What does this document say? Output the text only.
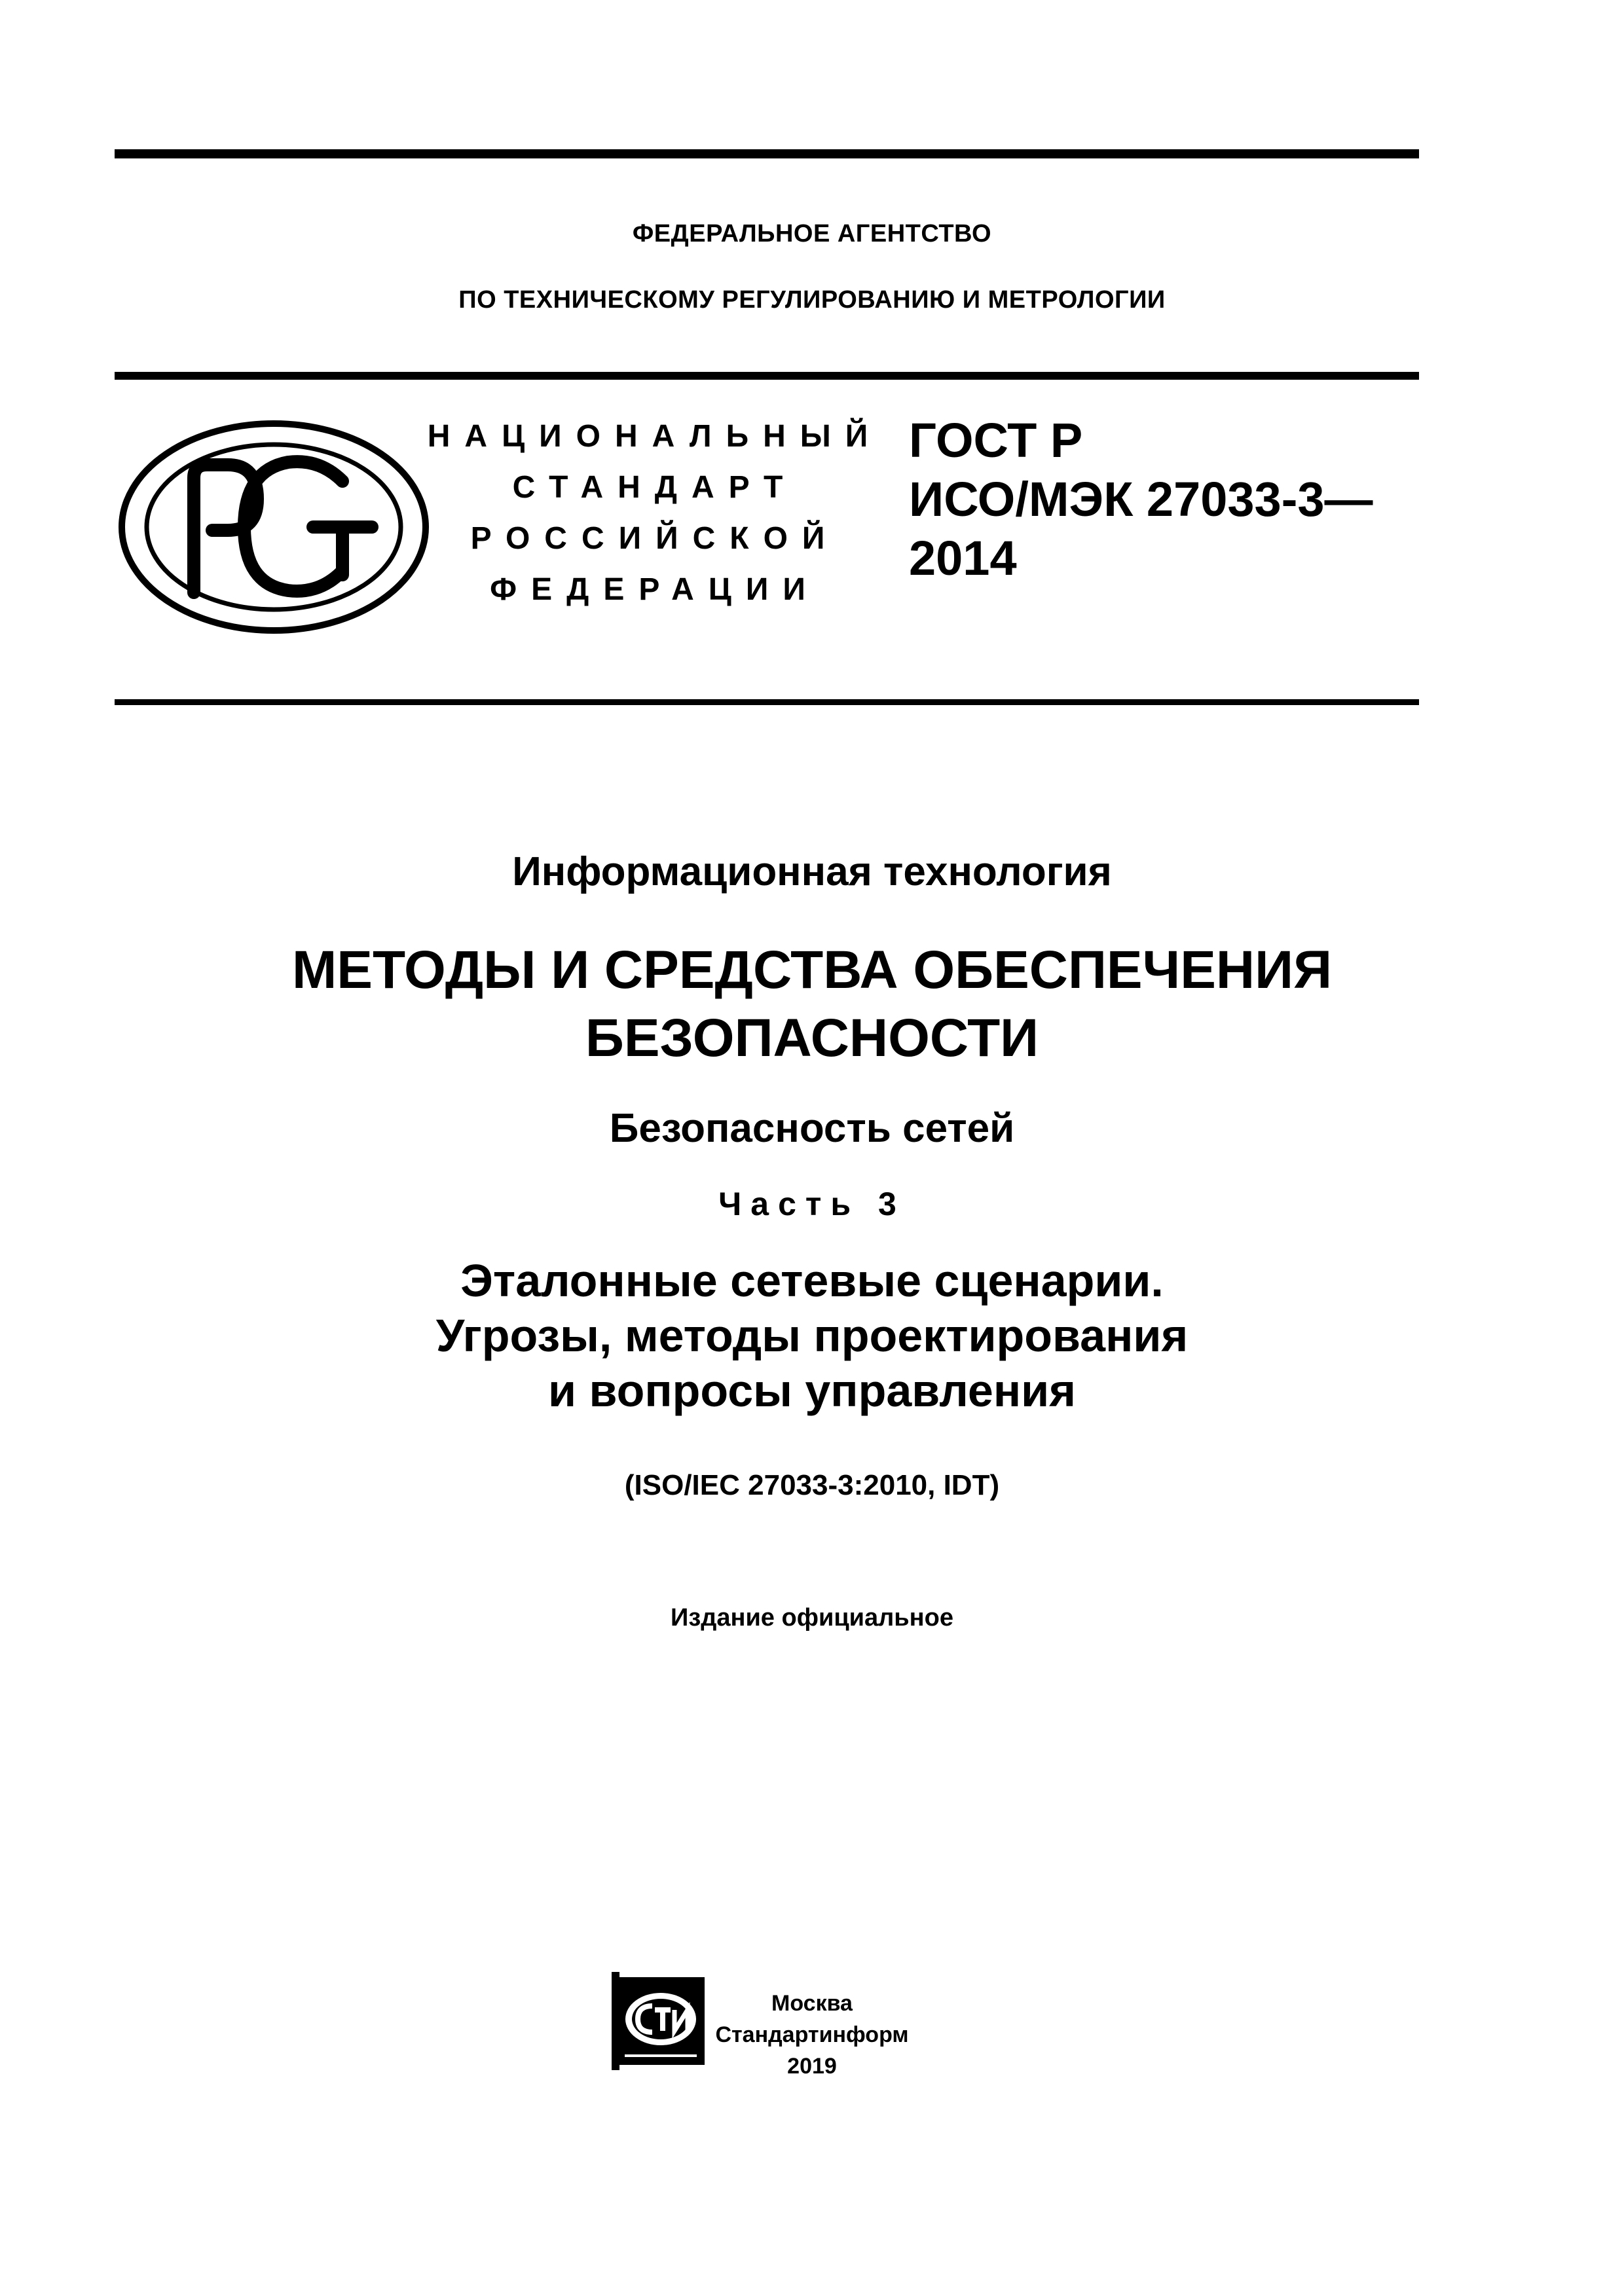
ФЕДЕРАЛЬНОЕ АГЕНТСТВО
ПО ТЕХНИЧЕСКОМУ РЕГУЛИРОВАНИЮ И МЕТРОЛОГИИ
НАЦИОНАЛЬНЫЙ
СТАНДАРТ
РОССИЙСКОЙ
ФЕДЕРАЦИИ
ГОСТ Р
ИСО/МЭК 27033-3—
2014
Информационная технология
МЕТОДЫ И СРЕДСТВА ОБЕСПЕЧЕНИЯ
БЕЗОПАСНОСТИ
Безопасность сетей
Часть 3
Эталонные сетевые сценарии.
Угрозы, методы проектирования
и вопросы управления
(ISO/IEC 27033-3:2010, IDT)
Издание официальное
Москва
Стандартинформ
2019
